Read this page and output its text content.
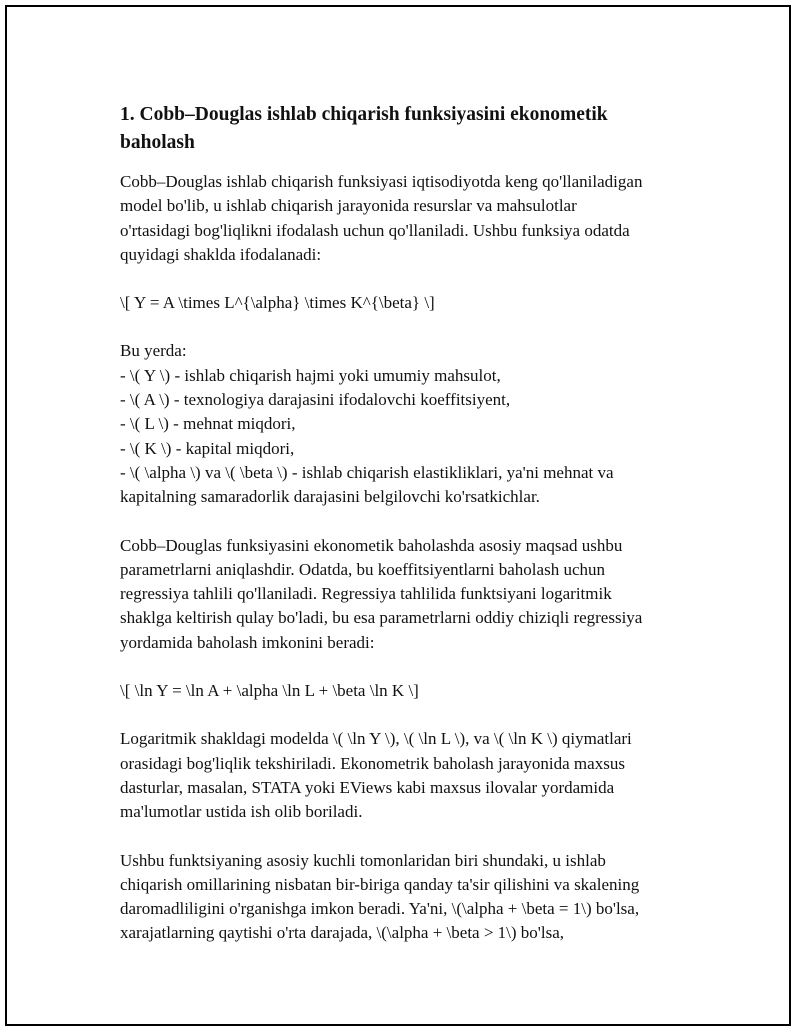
1. Cobb–Douglas ishlab chiqarish funksiyasini ekonometik
baholash

Cobb–Douglas ishlab chiqarish funksiyasi iqtisodiyotda keng qo'llaniladigan
model bo'lib, u ishlab chiqarish jarayonida resurslar va mahsulotlar
o'rtasidagi bog'liqlikni ifodalash uchun qo'llaniladi. Ushbu funksiya odatda
quyidagi shaklda ifodalanadi:

\[ Y = A \times L^{\alpha} \times K^{\beta} \]

Bu yerda:
- \( Y \) - ishlab chiqarish hajmi yoki umumiy mahsulot,
- \( A \) - texnologiya darajasini ifodalovchi koeffitsiyent,
- \( L \) - mehnat miqdori,
- \( K \) - kapital miqdori,
- \( \alpha \) va \( \beta \) - ishlab chiqarish elastikliklari, ya'ni mehnat va
kapitalning samaradorlik darajasini belgilovchi ko'rsatkichlar.

Cobb–Douglas funksiyasini ekonometik baholashda asosiy maqsad ushbu
parametrlarni aniqlashdir. Odatda, bu koeffitsiyentlarni baholash uchun
regressiya tahlili qo'llaniladi. Regressiya tahlilida funktsiyani logaritmik
shaklga keltirish qulay bo'ladi, bu esa parametrlarni oddiy chiziqli regressiya
yordamida baholash imkonini beradi:

\[ \ln Y = \ln A + \alpha \ln L + \beta \ln K \]

Logaritmik shakldagi modelda \( \ln Y \), \( \ln L \), va \( \ln K \) qiymatlari
orasidagi bog'liqlik tekshiriladi. Ekonometrik baholash jarayonida maxsus
dasturlar, masalan, STATA yoki EViews kabi maxsus ilovalar yordamida
ma'lumotlar ustida ish olib boriladi.

Ushbu funktsiyaning asosiy kuchli tomonlaridan biri shundaki, u ishlab
chiqarish omillarining nisbatan bir-biriga qanday ta'sir qilishini va skalening
daromadliligini o'rganishga imkon beradi. Ya'ni, \(\alpha + \beta = 1\) bo'lsa,
xarajatlarning qaytishi o'rta darajada, \(\alpha + \beta > 1\) bo'lsa,
